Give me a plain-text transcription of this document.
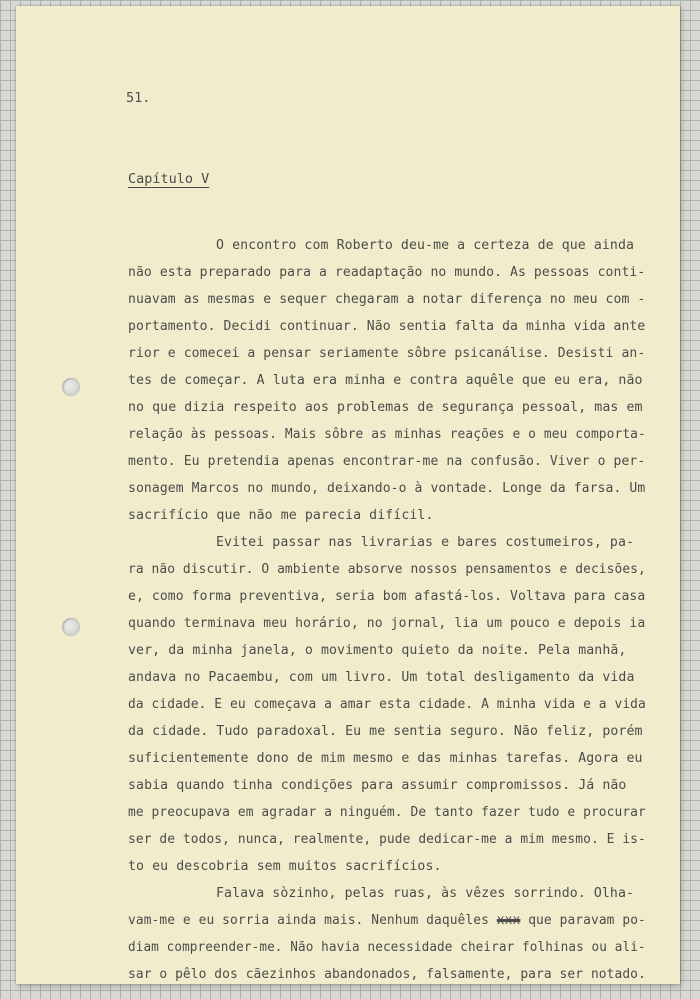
51.
Capítulo V
O encontro com Roberto deu-me a certeza de que ainda
não esta preparado para a readaptação no mundo. As pessoas conti-
nuavam as mesmas e sequer chegaram a notar diferença no meu com -
portamento. Decidi continuar. Não sentia falta da minha vida ante
rior e comecei a pensar seriamente sôbre psicanálise. Desisti an-
tes de começar. A luta era minha e contra aquêle que eu era, não
no que dizia respeito aos problemas de segurança pessoal, mas em
relação às pessoas. Mais sôbre as minhas reações e o meu comporta-
mento. Eu pretendia apenas encontrar-me na confusão. Viver o per-
sonagem Marcos no mundo, deixando-o à vontade. Longe da farsa. Um
sacrifício que não me parecia difícil.
Evitei passar nas livrarias e bares costumeiros, pa-
ra não discutir. O ambiente absorve nossos pensamentos e decisões,
e, como forma preventiva, seria bom afastá-los. Voltava para casa
quando terminava meu horário, no jornal, lia um pouco e depois ia
ver, da minha janela, o movimento quieto da noite. Pela manhã,
andava no Pacaembu, com um livro. Um total desligamento da vida
da cidade. E eu começava a amar esta cidade. A minha vida e a vida
da cidade. Tudo paradoxal. Eu me sentia seguro. Não feliz, porém
suficientemente dono de mim mesmo e das minhas tarefas. Agora eu
sabia quando tinha condições para assumir compromissos. Já não
me preocupava em agradar a ninguém. De tanto fazer tudo e procurar
ser de todos, nunca, realmente, pude dedicar-me a mim mesmo. E is-
to eu descobria sem muitos sacrifícios.
Falava sòzinho, pelas ruas, às vêzes sorrindo. Olha-
vam-me e eu sorria ainda mais. Nenhum daquêles xxx que paravam po-
diam compreender-me. Não havia necessidade cheirar folhinas ou ali-
sar o pêlo dos cãezinhos abandonados, falsamente, para ser notado.
